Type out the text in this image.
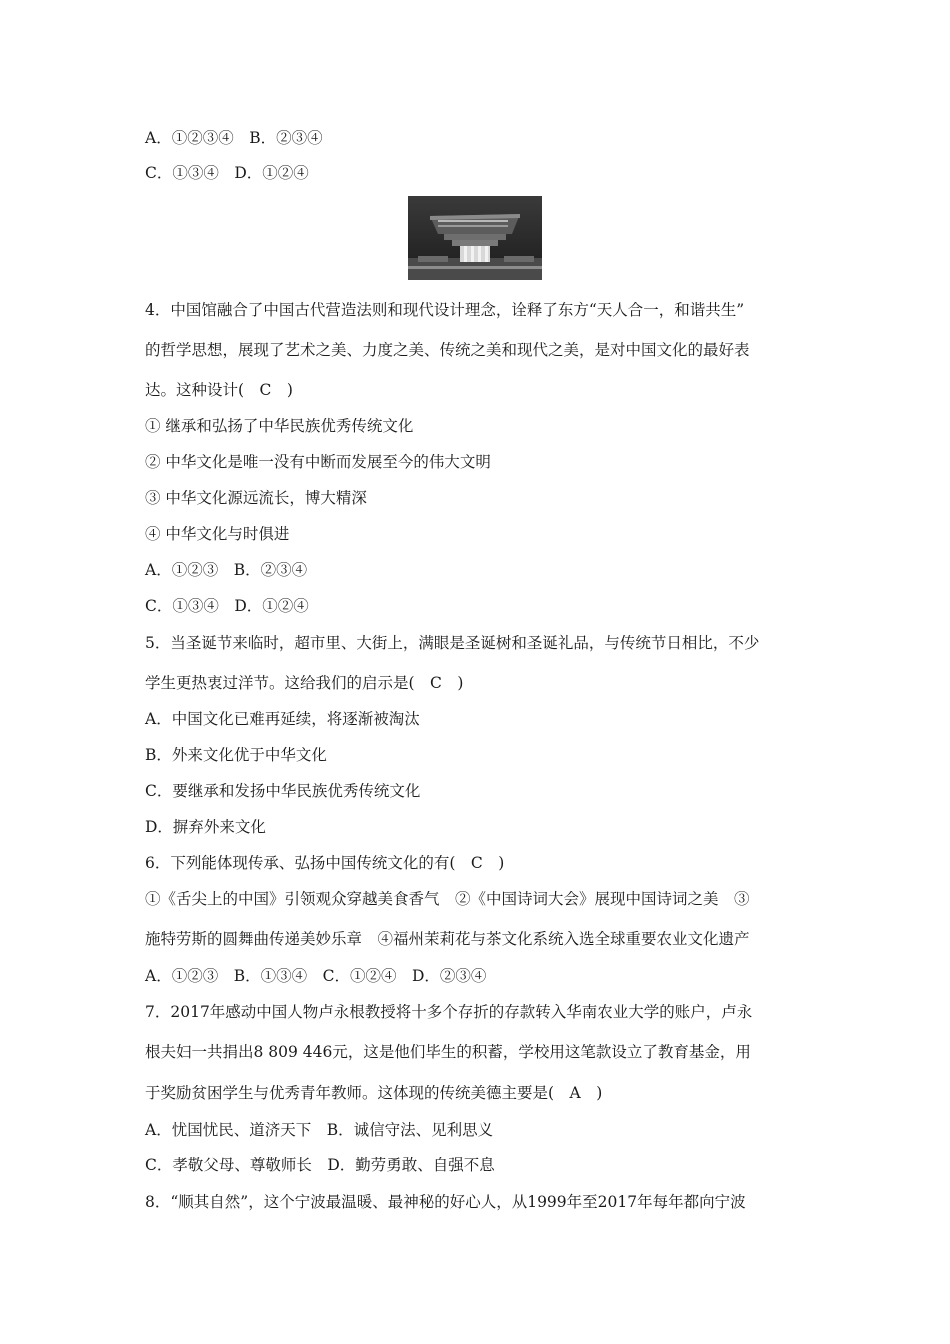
A．①②③④　B．②③④
C．①③④　D．①②④
4．中国馆融合了中国古代营造法则和现代设计理念，诠释了东方“天人合一，和谐共生”
的哲学思想，展现了艺术之美、力度之美、传统之美和现代之美，是对中国文化的最好表
达。这种设计(　C　)
① 继承和弘扬了中华民族优秀传统文化
② 中华文化是唯一没有中断而发展至今的伟大文明
③ 中华文化源远流长，博大精深
④ 中华文化与时俱进
A．①②③　B．②③④
C．①③④　D．①②④
5．当圣诞节来临时，超市里、大街上，满眼是圣诞树和圣诞礼品，与传统节日相比，不少
学生更热衷过洋节。这给我们的启示是(　C　)
A．中国文化已难再延续，将逐渐被淘汰
B．外来文化优于中华文化
C．要继承和发扬中华民族优秀传统文化
D．摒弃外来文化
6．下列能体现传承、弘扬中国传统文化的有(　C　)
①《舌尖上的中国》引领观众穿越美食香气　②《中国诗词大会》展现中国诗词之美　③
施特劳斯的圆舞曲传递美妙乐章　④福州茉莉花与茶文化系统入选全球重要农业文化遗产
A．①②③　B．①③④　C．①②④　D．②③④
7．2017年感动中国人物卢永根教授将十多个存折的存款转入华南农业大学的账户，卢永
根夫妇一共捐出8 809 446元，这是他们毕生的积蓄，学校用这笔款设立了教育基金，用
于奖励贫困学生与优秀青年教师。这体现的传统美德主要是(　A　)
A．忧国忧民、道济天下　B．诚信守法、见利思义
C．孝敬父母、尊敬师长　D．勤劳勇敢、自强不息
8．“顺其自然”，这个宁波最温暖、最神秘的好心人，从1999年至2017年每年都向宁波
